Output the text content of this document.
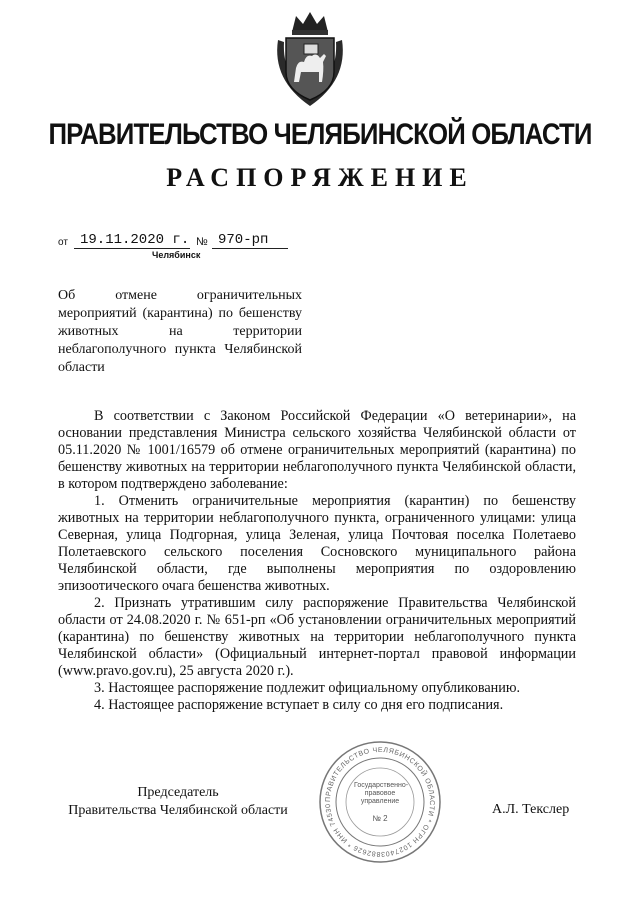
ПРАВИТЕЛЬСТВО ЧЕЛЯБИНСКОЙ ОБЛАСТИ
РАСПОРЯЖЕНИЕ
от 19.11.2020 г. № 970-рп
Челябинск
Об отмене ограничительных мероприятий (карантина) по бешенству животных на территории неблагополучного пункта Челябинской области

В соответствии с Законом Российской Федерации «О ветеринарии», на основании представления Министра сельского хозяйства Челябинской области от 05.11.2020 № 1001/16579 об отмене ограничительных мероприятий (карантина) по бешенству животных на территории неблагополучного пункта Челябинской области, в котором подтверждено заболевание:

1. Отменить ограничительные мероприятия (карантин) по бешенству животных на территории неблагополучного пункта, ограниченного улицами: улица Северная, улица Подгорная, улица Зеленая, улица Почтовая поселка Полетаево Полетаевского сельского поселения Сосновского муниципального района Челябинской области, где выполнены мероприятия по оздоровлению эпизоотического очага бешенства животных.

2. Признать утратившим силу распоряжение Правительства Челябинской области от 24.08.2020 г. № 651-рп «Об установлении ограничительных мероприятий (карантина) по бешенству животных на территории неблагополучного пункта Челябинской области» (Официальный интернет-портал правовой информации (www.pravo.gov.ru), 25 августа 2020 г.).

3. Настоящее распоряжение подлежит официальному опубликованию.

4. Настоящее распоряжение вступает в силу со дня его подписания.

Председатель
Правительства Челябинской области
ПРАВИТЕЛЬСТВО ЧЕЛЯБИНСКОЙ ОБЛАСТИ * ОГРН 1027403882626 * ИНН 74530
Государственно-правовое управление
№ 2
А.Л. Текслер
